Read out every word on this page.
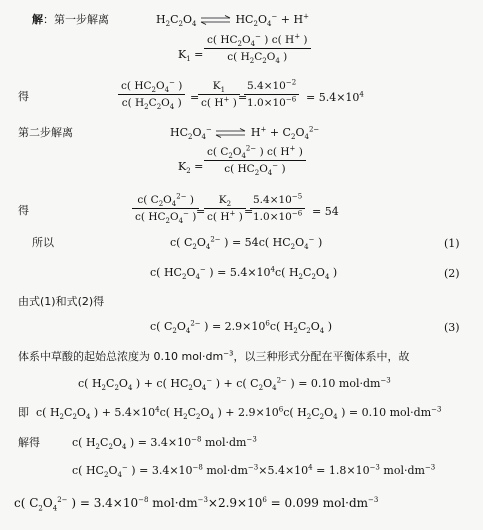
解：第一步解离	$H_2C_2O_4$ ⇌ $HC_2O_4^- + H^+$
$K_1 = \frac{c( HC_2O_4^- ) c( H^+ )}{c( H_2C_2O_4 )}$
得	$\frac{c( HC_2O_4^- )}{c( H_2C_2O_4 )}$ =
$\frac{K_1}{c( H^+ )}$
=
$\frac{5.4\times 10^{-2}}{1.0\times 10^{-6}} = 5.4\times 10^4$
第二步解离	$HC_2O_4^-$ ⇌ $H^+ + C_2O_4^{2-}$
$K_2 = \frac{c( C_2O_4^{2-} ) c( H^+ )}{c( HC_2O_4^- )}$
得	$\frac{c( C_2O_4^{2-} )}{c( HC_2O_4^- )}$
=
$\frac{K_2}{c( H^+ )}$
=
$\frac{5.4\times 10^{-5}}{1.0\times 10^{-6}} = 54$
所以	c( $C_2O_4^{2-}$ ) = 54c( $HC_2O_4^-$ )	(1)
c( $HC_2O_4^-$ ) = $5.4\times 10^4c$( $H_2C_2O_4$ )	(2)
由式(1)和式(2)得
c( $C_2O_4^{2-}$ ) = $2.9\times 10^6c$( $H_2C_2O_4$ )	(3)
体系中草酸的起始总浓度为 0.10 $mol\cdot dm^{-3}$，以三种形式分配在平衡体系中，故
c( $H_2C_2O_4$ ) + c( $HC_2O_4^-$ ) + c( $C_2O_4^{2-}$ ) = 0.10 $mol\cdot dm^{-3}$
即  c( $H_2C_2O_4$ ) + $5.4\times 10^4c$( $H_2C_2O_4$ ) + $2.9\times 10^6c$( $H_2C_2O_4$ ) = 0.10 $mol\cdot dm^{-3}$
解得	c( $H_2C_2O_4$ ) = $3.4\times 10^{-8}$ $mol\cdot dm^{-3}$
c( $HC_2O_4^-$ ) = $3.4\times 10^{-8}$ $mol\cdot dm^{-3}\times 5.4\times 10^4 = 1.8\times 10^{-3}$ $mol\cdot dm^{-3}$
c( $C_2O_4^{2-}$ ) = $3.4\times 10^{-8}$ $mol\cdot dm^{-3}\times 2.9\times 10^6 = 0.099$ $mol\cdot dm^{-3}$
